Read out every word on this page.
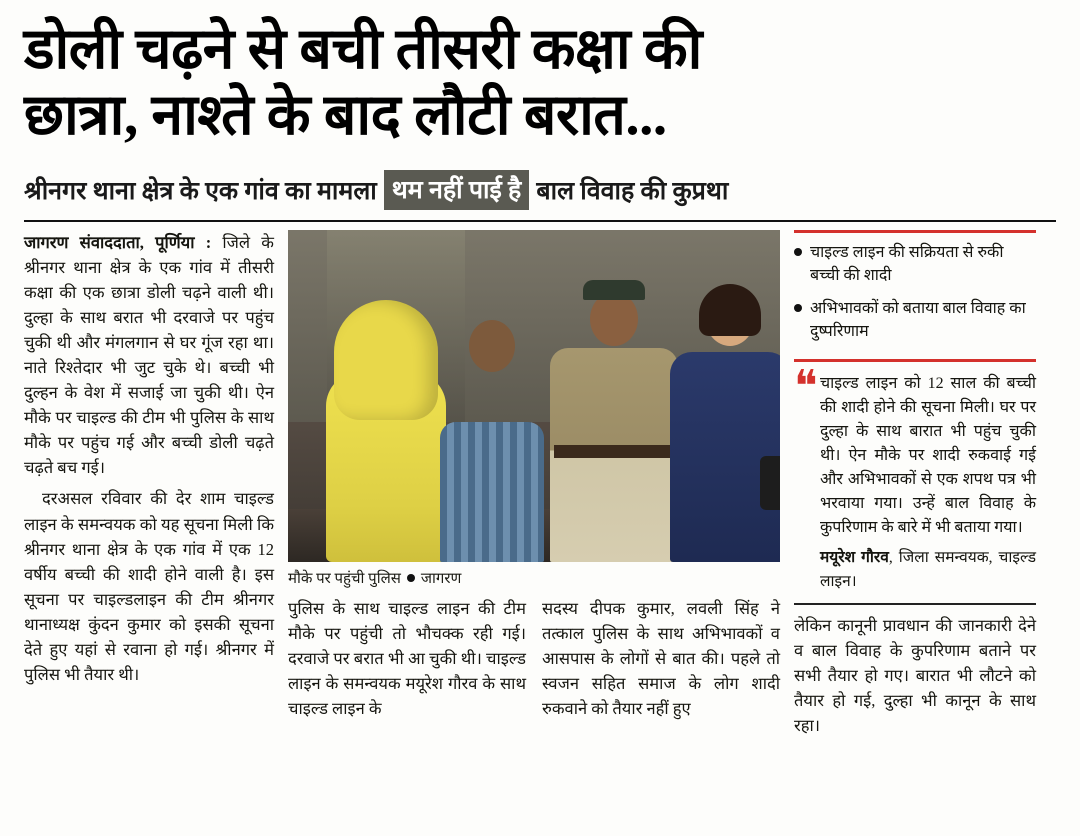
डोली चढ़ने से बची तीसरी कक्षा की
छात्रा, नाश्ते के बाद लौटी बरात...
श्रीनगर थाना क्षेत्र के एक गांव का मामला थम नहीं पाई है बाल विवाह की कुप्रथा

जागरण संवाददाता, पूर्णिया : जिले के श्रीनगर थाना क्षेत्र के एक गांव में तीसरी कक्षा की एक छात्रा डोली चढ़ने वाली थी। दुल्हा के साथ बरात भी दरवाजे पर पहुंच चुकी थी और मंगलगान से घर गूंज रहा था। नाते रिश्तेदार भी जुट चुके थे। बच्ची भी दुल्हन के वेश में सजाई जा चुकी थी। ऐन मौके पर चाइल्ड की टीम भी पुलिस के साथ मौके पर पहुंच गई और बच्ची डोली चढ़ते चढ़ते बच गई।

दरअसल रविवार की देर शाम चाइल्ड लाइन के समन्वयक को यह सूचना मिली कि श्रीनगर थाना क्षेत्र के एक गांव में एक 12 वर्षीय बच्ची की शादी होने वाली है। इस सूचना पर चाइल्डलाइन की टीम श्रीनगर थानाध्यक्ष कुंदन कुमार को इसकी सूचना देते हुए यहां से रवाना हो गई। श्रीनगर में पुलिस भी तैयार थी।

मौके पर पहुंची पुलिस जागरण

पुलिस के साथ चाइल्ड लाइन की टीम मौके पर पहुंची तो भौचक्क रही गई। दरवाजे पर बरात भी आ चुकी थी। चाइल्ड लाइन के समन्वयक मयूरेश गौरव के साथ चाइल्ड लाइन के

सदस्य दीपक कुमार, लवली सिंह ने तत्काल पुलिस के साथ अभिभावकों व आसपास के लोगों से बात की। पहले तो स्वजन सहित समाज के लोग शादी रुकवाने को तैयार नहीं हुए

चाइल्ड लाइन की सक्रियता से रुकी बच्ची की शादी
अभिभावकों को बताया बाल विवाह का दुष्परिणाम
❝ चाइल्ड लाइन को 12 साल की बच्ची की शादी होने की सूचना मिली। घर पर दुल्हा के साथ बारात भी पहुंच चुकी थी। ऐन मौके पर शादी रुकवाई गई और अभिभावकों से एक शपथ पत्र भी भरवाया गया। उन्हें बाल विवाह के कुपरिणाम के बारे में भी बताया गया।
मयूरेश गौरव, जिला समन्वयक, चाइल्ड लाइन।

लेकिन कानूनी प्रावधान की जानकारी देने व बाल विवाह के कुपरिणाम बताने पर सभी तैयार हो गए। बारात भी लौटने को तैयार हो गई, दुल्हा भी कानून के साथ रहा।
